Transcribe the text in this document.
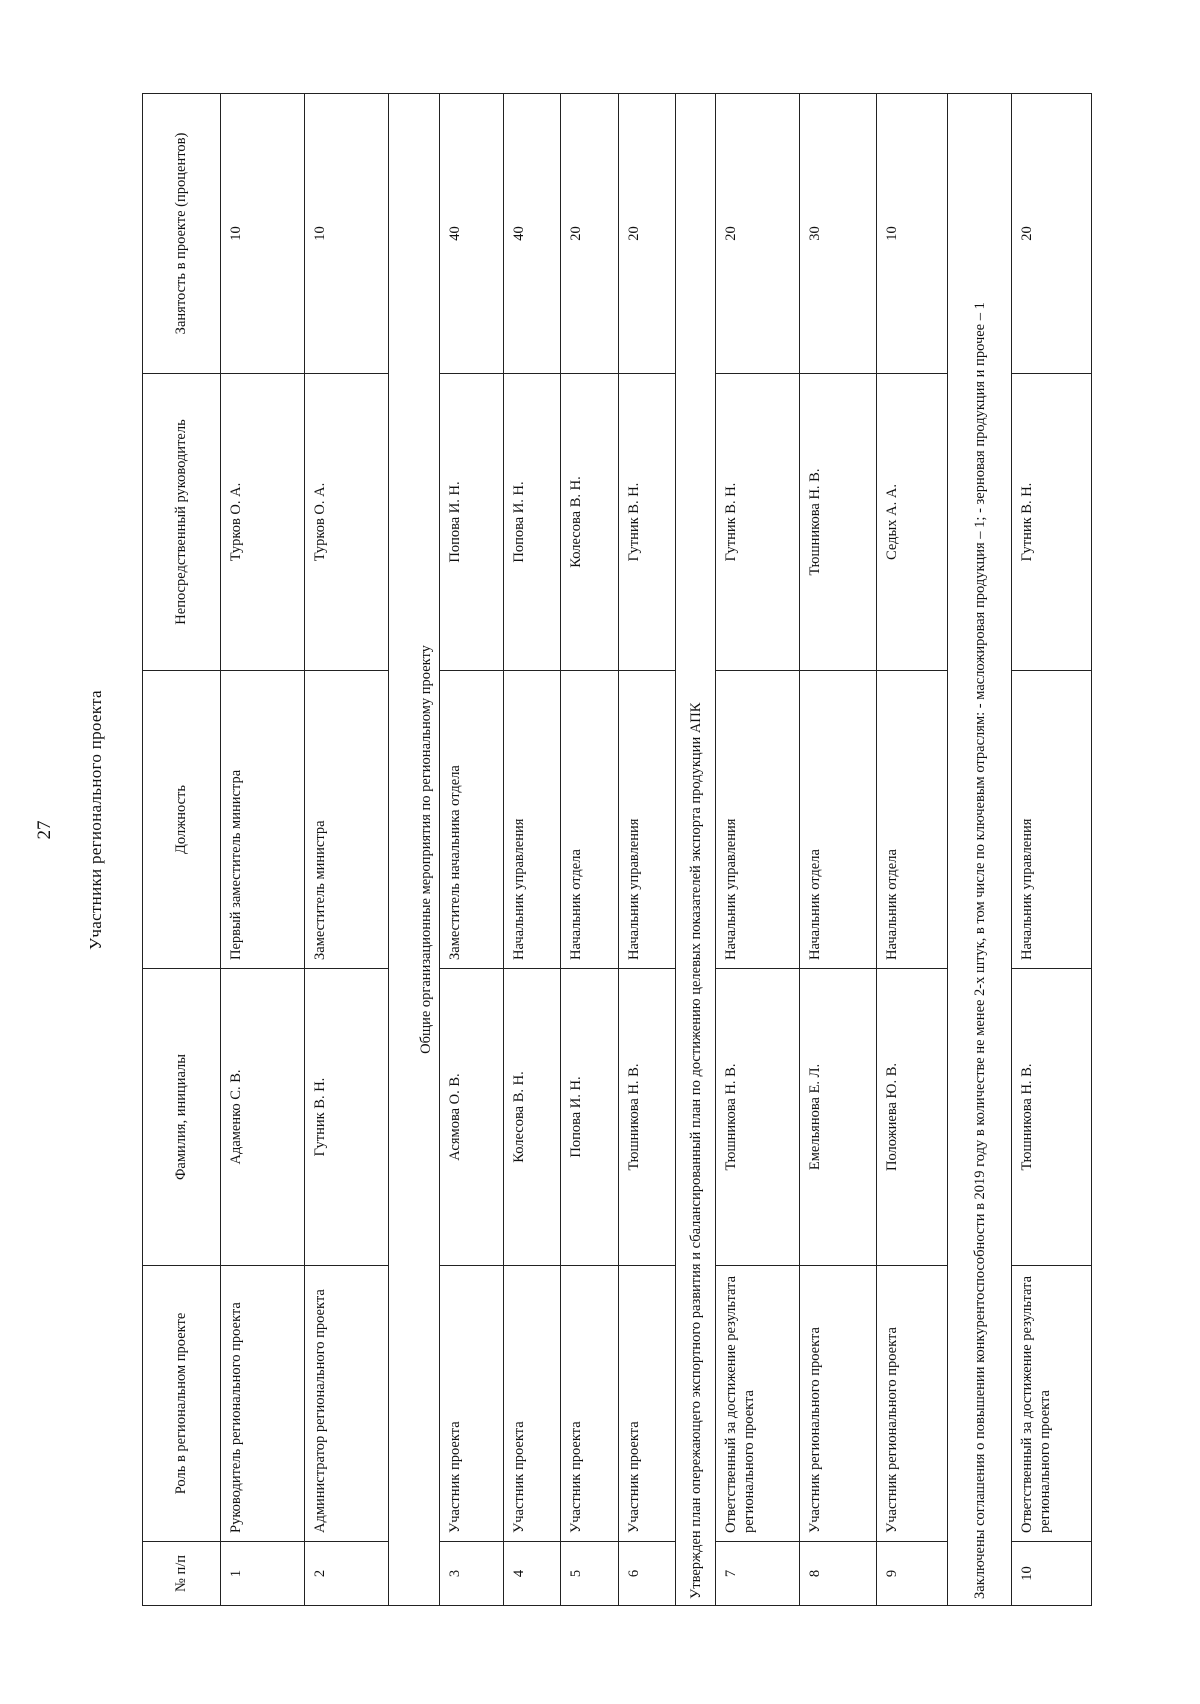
27 Участники регионального проекта
№ п/п	Роль в региональном проекте	Фамилия, инициалы	Должность	Непосредственный руководитель	Занятость в проекте (процентов)
1	Руководитель регионального проекта	Адаменко С. В.	Первый заместитель министра	Турков О. А.	10
2	Администратор регионального проекта	Гутник В. Н.	Заместитель министра	Турков О. А.	10
Общие организационные мероприятия по региональному проекту					
3	Участник проекта	Асямова О. В.	Заместитель начальника отдела	Попова И. Н.	40
4	Участник проекта	Колесова В. Н.	Начальник управления	Попова И. Н.	40
5	Участник проекта	Попова И. Н.	Начальник отдела	Колесова В. Н.	20
6	Участник проекта	Тюшникова Н. В.	Начальник управления	Гутник В. Н.	20
Утвержден план опережающего экспортного развития и сбалансированный план по достижению целевых показателей экспорта продукции АПК					
7	Ответственный за достижение результата регионального проекта	Тюшникова Н. В.	Начальник управления	Гутник В. Н.	20
8	Участник регионального проекта	Емельянова Е. Л.	Начальник отдела	Тюшникова Н. В.	30
9	Участник регионального проекта	Положиева Ю. В.	Начальник отдела	Седых А. А.	10
Заключены соглашения о повышении конкурентоспособности в 2019 году в количестве не менее 2-х штук, в том числе по ключевым отраслям: - масложировая продукция – 1; - зерновая продукция и прочее – 1					
10	Ответственный за достижение результата регионального проекта	Тюшникова Н. В.	Начальник управления	Гутник В. Н.	20
